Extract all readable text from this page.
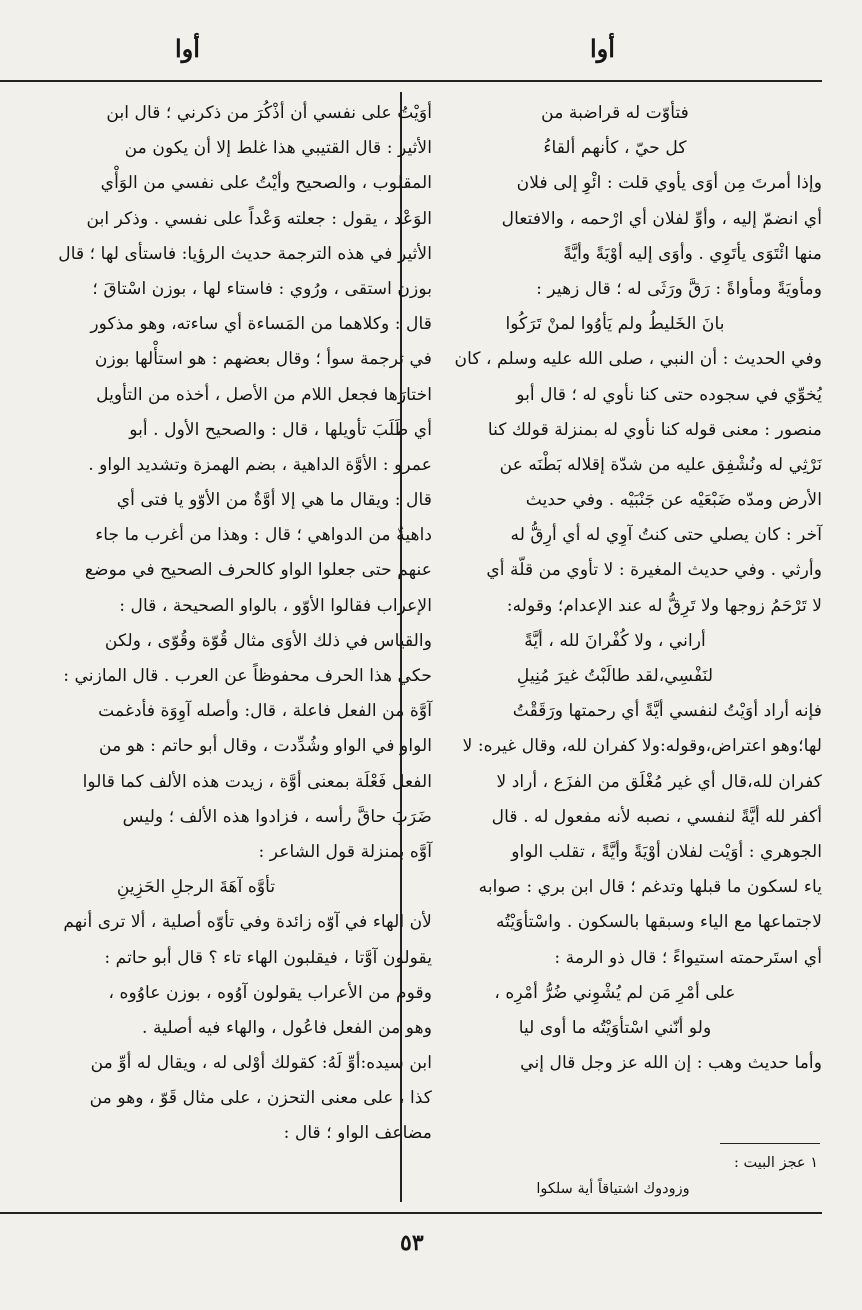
أوا
أوا
فتأوّت له قراضبة من
كل حيّ ، كأنهم ألقاءُ
وإذا أمرتَ مِن أوَى يأوي قلت : ائْوِ إلى فلان
أي انضمّ إليه ، وأوِّ لفلان أي ارْحمه ، والافتعال
منها ائْتَوَى يأتَوِي . وأوَى إليه أوْيَةً وأيَّةً
ومأويَةً ومأواةً : رَقَّ ورَثَى له ؛ قال زهير :
بانَ الخَليطُ ولم يَأوُوا لمنْ تَرَكُوا
وفي الحديث : أن النبي ، صلى الله عليه وسلم ، كان
يُخوِّي في سجوده حتى كنا نأوي له ؛ قال أبو
منصور : معنى قوله كنا نأوي له بمنزلة قولك كنا
نَرْثِي له ونُشْفِق عليه من شدّة إقلاله بَطْنَه عن
الأرض ومدّه ضَبْعَيْه عن جَنْبَيْه . وفي حديث
آخر : كان يصلي حتى كنتُ آوِي له أي أرِقُّ له
وأرثي . وفي حديث المغيرة : لا تأوي من قلّة أي
لا تَرْحَمُ زوجها ولا تَرِقُّ له عند الإعدام؛ وقوله:
أراني ، ولا كُفْرانَ لله ، أيَّةً
لنَفْسِي،لقد طالَبْتُ غيرَ مُنِيلِ
فإنه أراد أوَيْتُ لنفسي أيَّةً أي رحمتها ورَقَقْتُ
لها؛وهو اعتراض،وقوله:ولا كفران لله، وقال غيره: لا
كفران لله،قال أي غير مُغْلَق من الفزَع ، أراد لا
أكفر لله أيَّةً لنفسي ، نصبه لأنه مفعول له . قال
الجوهري : أوَيْت لفلان أوْيَةً وأيَّةً ، تقلب الواو
ياء لسكون ما قبلها وتدغم ؛ قال ابن بري : صوابه
لاجتماعها مع الياء وسبقها بالسكون . واسْتأوَيْتُه
أي استَرحمته استيواءً ؛ قال ذو الرمة :
على أمْرِ مَن لم يُشْوِني ضُرُّ أمْرِه ،
ولو أنّني اسْتأوَيْتُه ما أوى ليا
وأما حديث وهب : إن الله عز وجل قال إني
أوَيْتُ على نفسي أن أذْكُرَ من ذكرني ؛ قال ابن
الأثير : قال القتيبي هذا غلط إلا أن يكون من
المقلوب ، والصحيح وأيْتُ على نفسي من الوَأْي
الوَعْد ، يقول : جعلته وَعْداً على نفسي . وذكر ابن
الأثير في هذه الترجمة حديث الرؤيا: فاستأى لها ؛ قال
بوزن استقى ، ورُوي : فاستاء لها ، بوزن اسْتاقَ ؛
قال : وكلاهما من المَساءة أي ساءته، وهو مذكور
في ترجمة سوأ ؛ وقال بعضهم : هو استأْلها بوزن
اختارَها فجعل اللام من الأصل ، أخذه من التأويل
أي طَلَبَ تأويلها ، قال : والصحيح الأول . أبو
عمرو : الأوَّة الداهية ، بضم الهمزة وتشديد الواو .
قال : ويقال ما هي إلا أوَّةٌ من الأوّو يا فتى أي
داهيةٌ من الدواهي ؛ قال : وهذا من أغرب ما جاء
عنهم حتى جعلوا الواو كالحرف الصحيح في موضع
الإعراب فقالوا الأوّو ، بالواو الصحيحة ، قال :
والقياس في ذلك الأوَى مثال قُوّة وقُوّى ، ولكن
حكي هذا الحرف محفوظاً عن العرب . قال المازني :
آوَّة من الفعل فاعلة ، قال: وأصله آوِوَة فأدغمت
الواو في الواو وشُدِّدت ، وقال أبو حاتم : هو من
الفعل فَعْلَة بمعنى أوَّة ، زيدت هذه الألف كما قالوا
ضَرَبَ حاقَّ رأسه ، فزادوا هذه الألف ؛ وليس
آوَّه بمنزلة قول الشاعر :
تأوَّه آهَةَ الرجلِ الحَزِينِ
لأن الهاء في آوّه زائدة وفي تأوّه أصلية ، ألا ترى أنهم
يقولون آوَّتا ، فيقلبون الهاء تاء ؟ قال أبو حاتم :
وقوم من الأعراب يقولون آوُوه ، بوزن عاوُوه ،
وهو من الفعل فاعُول ، والهاء فيه أصلية .
ابن سيده:أوِّ لَهُ: كقولك أوْلى له ، ويقال له أوِّ من
كذا ، على معنى التحزن ، على مثال قَوّ ، وهو من
مضاعف الواو ؛ قال :
١ عجز البيت :
وزودوك اشتياقاً أية سلكوا
٥٣
